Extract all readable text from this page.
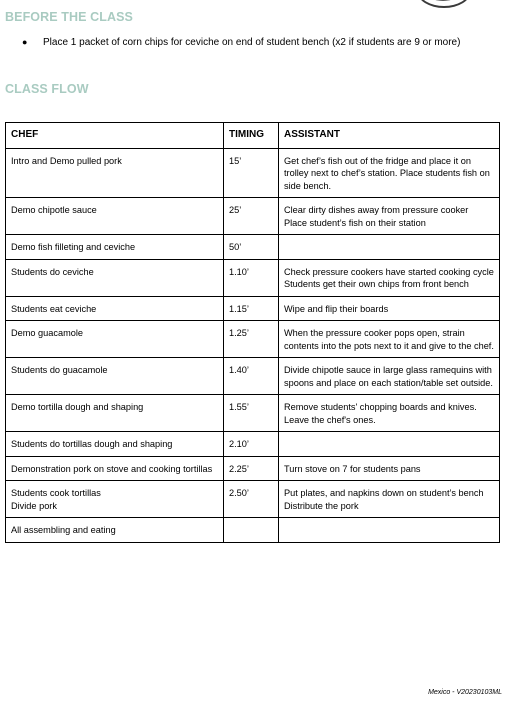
BEFORE THE CLASS
●	Place 1 packet of corn chips for ceviche on end of student bench (x2 if students are 9 or more)
CLASS FLOW
CHEF	TIMING	ASSISTANT

Intro and Demo pulled pork	15’	Get chef’s fish out of the fridge and place it on trolley next to chef’s station. Place students fish on side bench.

Demo chipotle sauce	25’	Clear dirty dishes away from pressure cooker
Place student’s fish on their station

Demo fish filleting and ceviche	50’	

Students do ceviche	1.10’	Check pressure cookers have started cooking cycle
Students get their own chips from front bench

Students eat ceviche	1.15’	Wipe and flip their boards

Demo guacamole	1.25’	When the pressure cooker pops open, strain contents into the pots next to it and give to the chef.

Students do guacamole	1.40’	Divide chipotle sauce in large glass ramequins with spoons and place on each station/table set outside.

Demo tortilla dough and shaping	1.55’	Remove students' chopping boards and knives. Leave the chef's ones.

Students do tortillas dough and shaping	2.10’	

Demonstration pork on stove and cooking tortillas	2.25’	Turn stove on 7 for students pans

Students cook tortillas
Divide pork	2.50’	Put plates, and napkins down on student’s bench
Distribute the pork

All assembling and eating		

Mexico - V20230103ML
